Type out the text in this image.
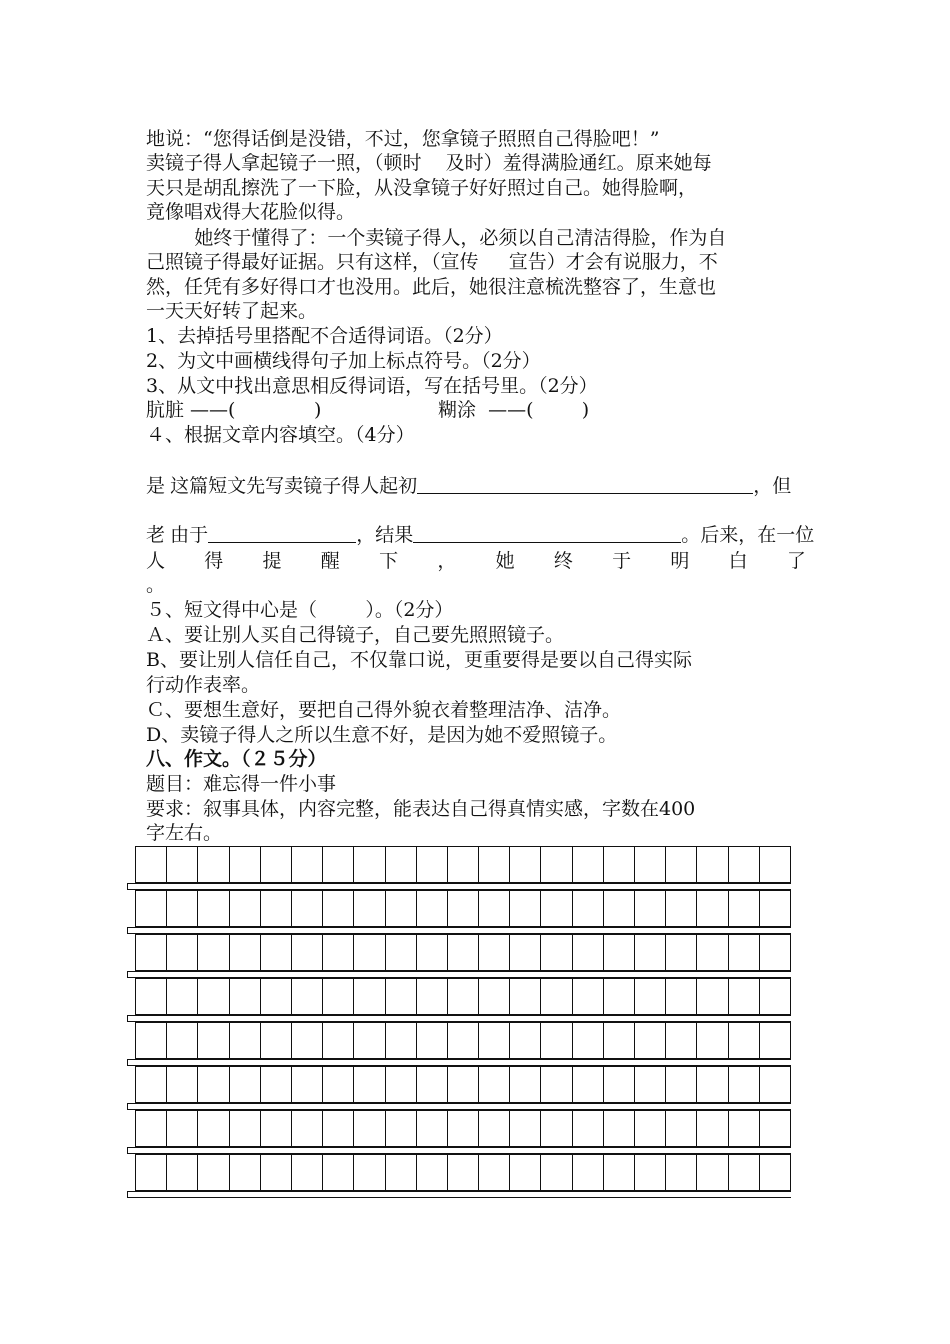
地说：“您得话倒是没错，不过，您拿镜子照照自己得脸吧！”
卖镜子得人拿起镜子一照，（顿时    及时）羞得满脸通红。原来她每
天只是胡乱擦洗了一下脸，从没拿镜子好好照过自己。她得脸啊，
竟像唱戏得大花脸似得。
她终于懂得了：一个卖镜子得人，必须以自己清洁得脸，作为自
己照镜子得最好证据。只有这样，（宣传     宣告）才会有说服力，不
然，任凭有多好得口才也没用。此后，她很注意梳洗整容了，生意也
一天天好转了起来。
1、去掉括号里搭配不合适得词语。（2分）
2、为文中画横线得句子加上标点符号。（2分）
3、从文中找出意思相反得词语，写在括号里。（2分）
肮脏 ——(             )	糊涂  ——(        )
４、根据文章内容填空。（4分）

这篇短文先写卖镜子得人起初	，但

是

由于	，结果	。后来，在一位

老
人 得 提 醒 下 ， 她 终 于 明 白 了
。
５、短文得中心是（        ）。（2分）
Ａ、要让别人买自己得镜子，自己要先照照镜子。
B、要让别人信任自己，不仅靠口说，更重要得是要以自己得实际
行动作表率。
Ｃ、要想生意好，要把自己得外貌衣着整理洁净、洁净。
D、卖镜子得人之所以生意不好，是因为她不爱照镜子。
八、作文。（２５分）
题目：难忘得一件小事
要求：叙事具体，内容完整，能表达自己得真情实感，字数在400
字左右。
